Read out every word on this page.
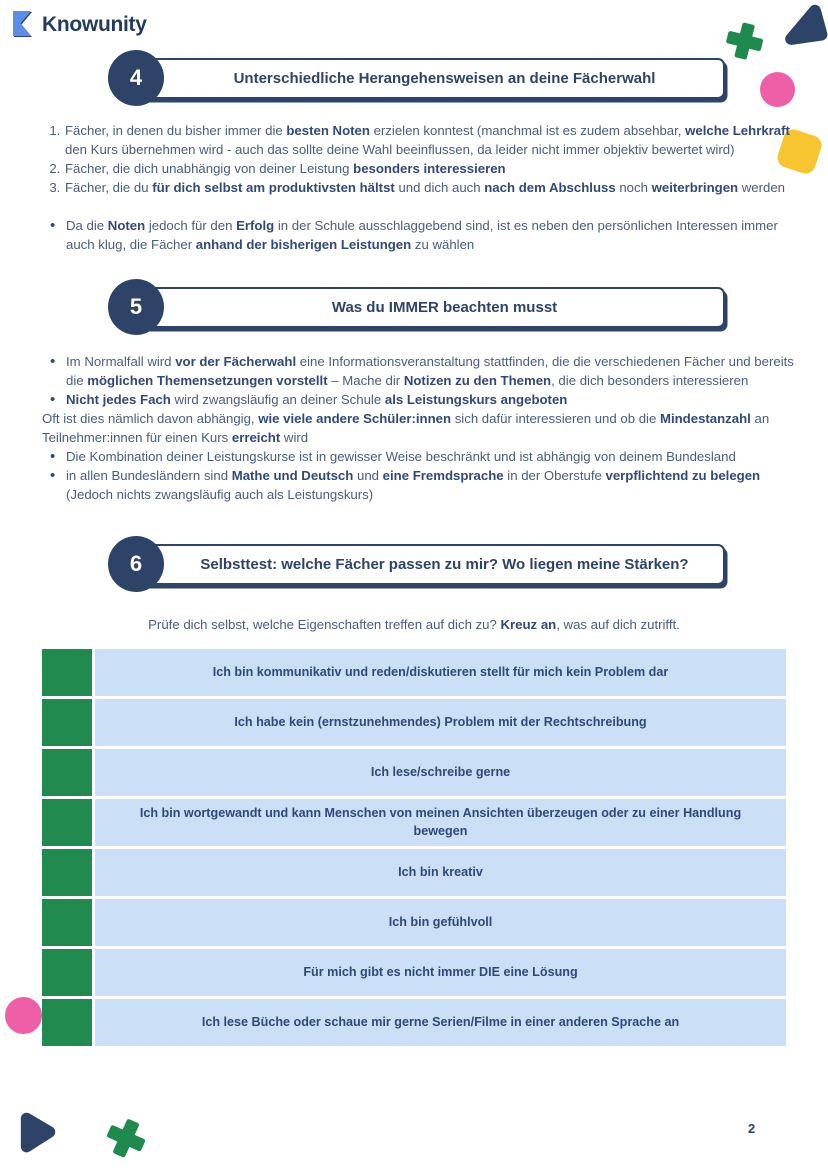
Knowunity
4	Unterschiedliche Herangehensweisen an deine Fächerwahl
1. Fächer, in denen du bisher immer die besten Noten erzielen konntest (manchmal ist es zudem absehbar, welche Lehrkraft den Kurs übernehmen wird - auch das sollte deine Wahl beeinflussen, da leider nicht immer objektiv bewertet wird)
2. Fächer, die dich unabhängig von deiner Leistung besonders interessieren
3. Fächer, die du für dich selbst am produktivsten hältst und dich auch nach dem Abschluss noch weiterbringen werden
• Da die Noten jedoch für den Erfolg in der Schule ausschlaggebend sind, ist es neben den persönlichen Interessen immer auch klug, die Fächer anhand der bisherigen Leistungen zu wählen
5	Was du IMMER beachten musst
• Im Normalfall wird vor der Fächerwahl eine Informationsveranstaltung stattfinden, die die verschiedenen Fächer und bereits die möglichen Themensetzungen vorstellt – Mache dir Notizen zu den Themen, die dich besonders interessieren
• Nicht jedes Fach wird zwangsläufig an deiner Schule als Leistungskurs angeboten
Oft ist dies nämlich davon abhängig, wie viele andere Schüler:innen sich dafür interessieren und ob die Mindestanzahl an Teilnehmer:innen für einen Kurs erreicht wird
• Die Kombination deiner Leistungskurse ist in gewisser Weise beschränkt und ist abhängig von deinem Bundesland
• in allen Bundesländern sind Mathe und Deutsch und eine Fremdsprache in der Oberstufe verpflichtend zu belegen (Jedoch nichts zwangsläufig auch als Leistungskurs)
6	Selbsttest: welche Fächer passen zu mir? Wo liegen meine Stärken?

Prüfe dich selbst, welche Eigenschaften treffen auf dich zu? Kreuz an, was auf dich zutrifft.

Ich bin kommunikativ und reden/diskutieren stellt für mich kein Problem dar
Ich habe kein (ernstzunehmendes) Problem mit der Rechtschreibung
Ich lese/schreibe gerne
Ich bin wortgewandt und kann Menschen von meinen Ansichten überzeugen oder zu einer Handlung bewegen
Ich bin kreativ
Ich bin gefühlvoll
Für mich gibt es nicht immer DIE eine Lösung
Ich lese Büche oder schaue mir gerne Serien/Filme in einer anderen Sprache an
2
